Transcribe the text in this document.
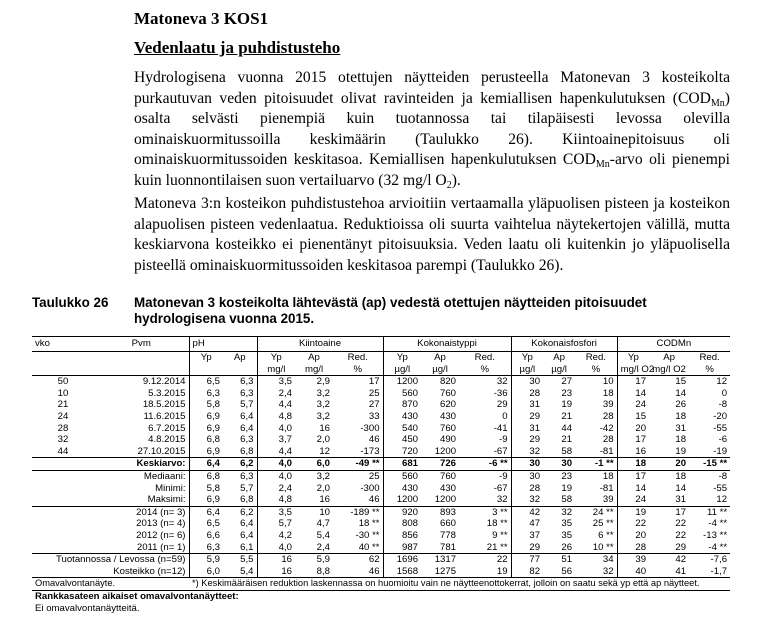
Matoneva 3 KOS1
Vedenlaatu ja puhdistusteho

Hydrologisena vuonna 2015 otettujen näytteiden perusteella Matonevan 3 kosteikolta purkautuvan veden pitoisuudet olivat ravinteiden ja kemiallisen hapenkulutuksen $(COD_{Mn})$ osalta selvästi pienempiä kuin tuotannossa tai tilapäisesti levossa olevilla ominaiskuormitussoilla keskimäärin (Taulukko 26). Kiintoainepitoisuus oli ominaiskuormitussoiden keskitasoa. Kemiallisen hapenkulutuksen $COD_{Mn}$-arvo oli pienempi kuin luonnontilaisen suon vertailuarvo (32 mg/l $O_2$).

Matoneva 3:n kosteikon puhdistustehoa arvioitiin vertaamalla yläpuolisen pisteen ja kosteikon alapuolisen pisteen vedenlaatua. Reduktioissa oli suurta vaihtelua näytekertojen välillä, mutta keskiarvona kosteikko ei pienentänyt pitoisuuksia. Veden laatu oli kuitenkin jo yläpuolisella pisteellä ominaiskuormitussoiden keskitasoa parempi (Taulukko 26).

Taulukko 26 Matonevan 3 kosteikolta lähtevästä (ap) vedestä otettujen näytteiden pitoisuudet hydrologisena vuonna 2015.

vko	Pvm	pH		Kiintoaine			Kokonaistyppi			Kokonaisfosfori			CODMn		
		Yp	Ap	Yp	Ap	Red.	Yp	Ap	Red.	Yp	Ap	Red.	Yp	Ap	Red.
				mg/l	mg/l	%	µg/l	µg/l	%	µg/l	µg/l	%	mg/l O2	mg/l O2	%
50	9.12.2014	6,5	6,3	3,5	2,9	17	1200	820	32	30	27	10	17	15	12
10	5.3.2015	6,3	6,3	2,4	3,2	25	560	760	-36	28	23	18	14	14	0
21	18.5.2015	5,8	5,7	4,4	3,2	27	870	620	29	31	19	39	24	26	-8
24	11.6.2015	6,9	6,4	4,8	3,2	33	430	430	0	29	21	28	15	18	-20
28	6.7.2015	6,9	6,4	4,0	16	-300	540	760	-41	31	44	-42	20	31	-55
32	4.8.2015	6,8	6,3	3,7	2,0	46	450	490	-9	29	21	28	17	18	-6
44	27.10.2015	6,9	6,8	4,4	12	-173	720	1200	-67	32	58	-81	16	19	-19
Keskiarvo:		6,4	6,2	4,0	6,0	-49 **	681	726	-6 **	30	30	-1 **	18	20	-15 **
Mediaani:		6,8	6,3	4,0	3,2	25	560	760	-9	30	23	18	17	18	-8
Minimi:		5,8	5,7	2,4	2,0	-300	430	430	-67	28	19	-81	14	14	-55
Maksimi:		6,9	6,8	4,8	16	46	1200	1200	32	32	58	39	24	31	12
2014 (n= 3)		6,4	6,2	3,5	10	-189 **	920	893	3 **	42	32	24 **	19	17	11 **
2013 (n= 4)		6,5	6,4	5,7	4,7	18 **	808	660	18 **	47	35	25 **	22	22	-4 **
2012 (n= 6)		6,6	6,4	4,2	5,4	-30 **	856	778	9 **	37	35	6 **	20	22	-13 **
2011 (n= 1)		6,3	6,1	4,0	2,4	40 **	987	781	21 **	29	26	10 **	28	29	-4 **
Tuotannossa / Levossa (n=59)		5,9	5,5	16	5,9	62	1696	1317	22	77	51	34	39	42	-7,6
Kosteikko (n=12)		6,0	5,4	16	8,8	46	1568	1275	19	82	56	32	40	41	-1,7
Omavalvontanäyte.		*) Keskimääräisen reduktion laskennassa on huomioitu vain ne näytteenottokerrat, jolloin on saatu sekä yp että ap näytteet.													
Rankkasateen aikaiset omavalvontanäytteet:															
Ei omavalvontanäytteitä.															
